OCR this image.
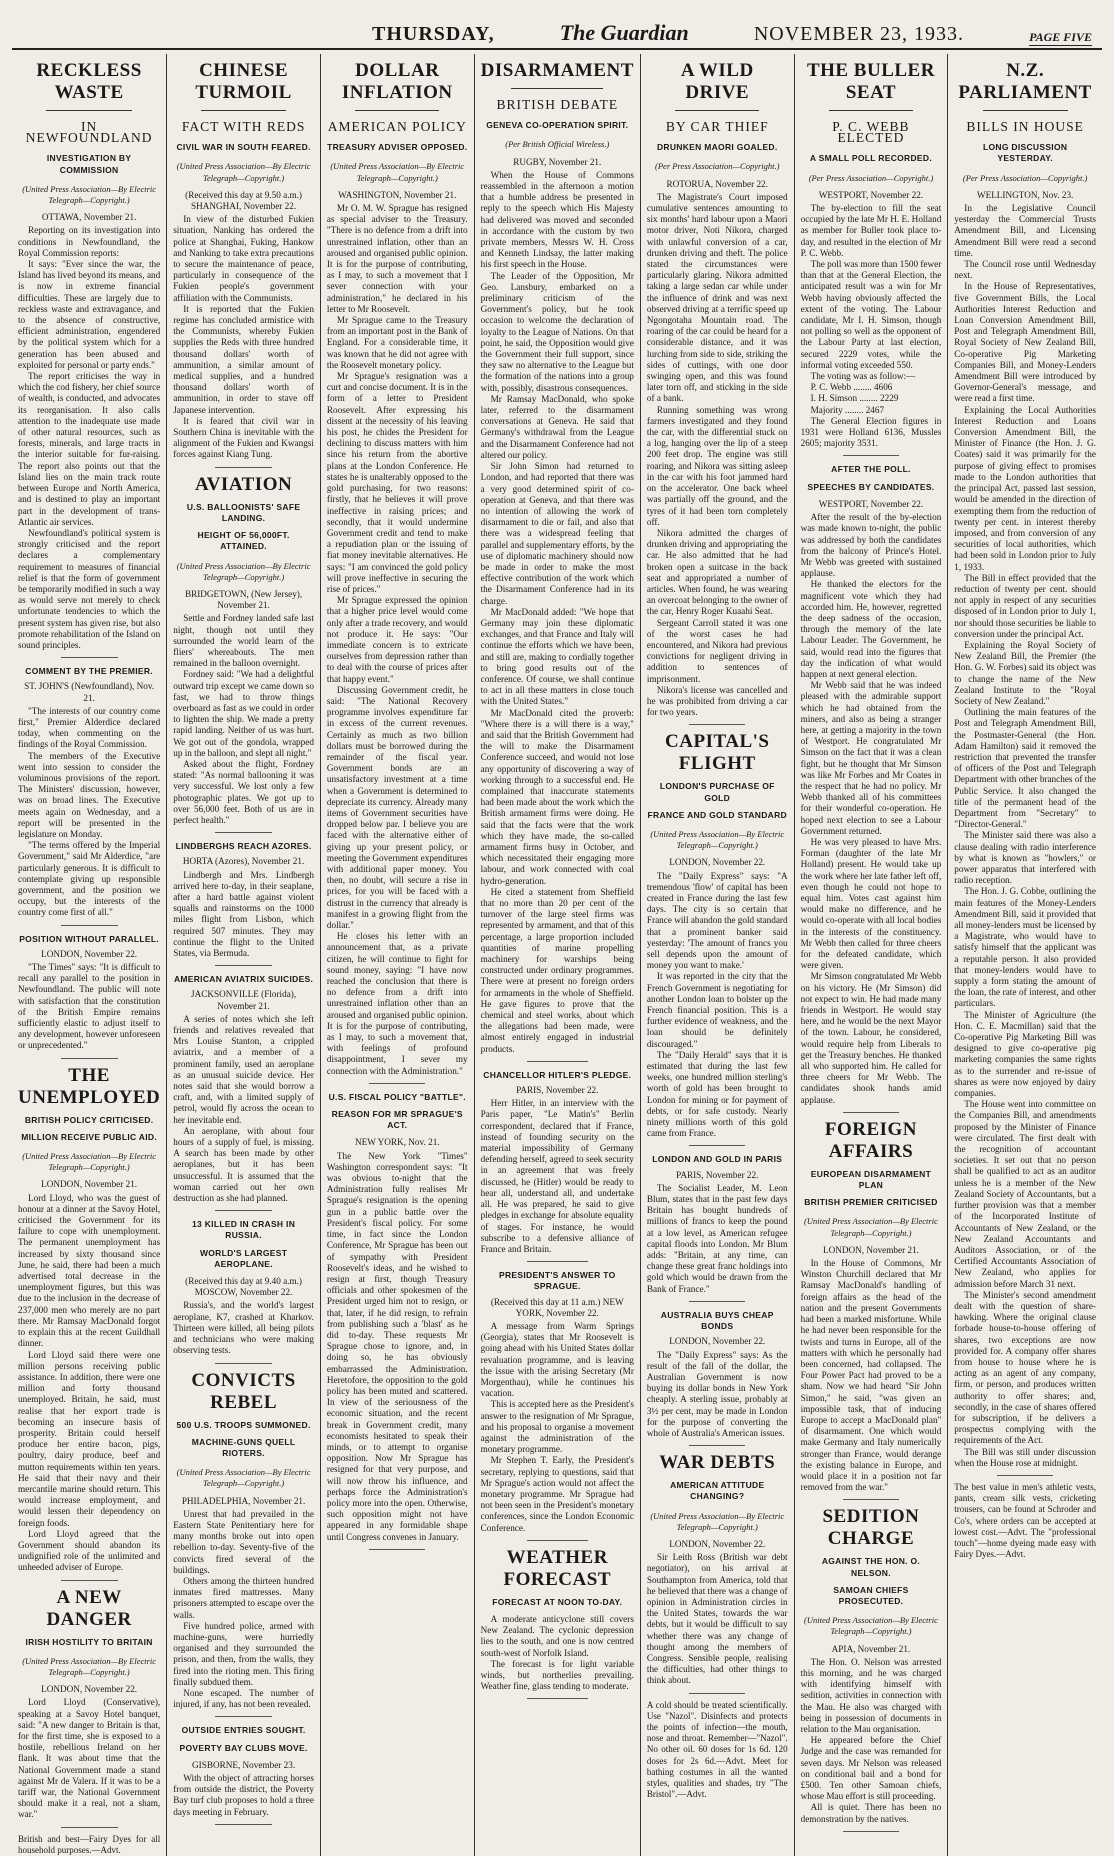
THURSDAY,	The Guardian	NOVEMBER 23, 1933.	PAGE FIVE
RECKLESS WASTE
IN NEWFOUNDLAND
INVESTIGATION BY COMMISSION
(United Press Association—By Electric Telegraph—Copyright.)
OTTAWA, November 21.

Reporting on its investigation into conditions in Newfoundland, the Royal Commission reports:

It says: "Ever since the war, the Island has lived beyond its means, and is now in extreme financial difficulties. These are largely due to reckless waste and extravagance, and to the absence of constructive, efficient administration, engendered by the political system which for a generation has been abused and exploited for personal or party ends."

The report criticises the way in which the cod fishery, her chief source of wealth, is conducted, and advocates its reorganisation. It also calls attention to the inadequate use made of other natural resources, such as forests, minerals, and large tracts in the interior suitable for fur-raising. The report also points out that the Island lies on the main track route between Europe and North America, and is destined to play an important part in the development of trans-Atlantic air services.

Newfoundland's political system is strongly criticised and the report declares a complementary requirement to measures of financial relief is that the form of government be temporarily modified in such a way as would serve not merely to check unfortunate tendencies to which the present system has given rise, but also promote rehabilitation of the Island on sound principles.

COMMENT BY THE PREMIER.
ST. JOHN'S (Newfoundland), Nov. 21.

"The interests of our country come first," Premier Alderdice declared today, when commenting on the findings of the Royal Commission.

The members of the Executive went into session to consider the voluminous provisions of the report. The Ministers' discussion, however, was on broad lines. The Executive meets again on Wednesday, and a report will be presented in the legislature on Monday.

"The terms offered by the Imperial Government," said Mr Alderdice, "are particularly generous. It is difficult to contemplate giving up responsible government, and the position we occupy, but the interests of the country come first of all."

POSITION WITHOUT PARALLEL.
LONDON, November 22.

"The Times" says: "It is difficult to recall any parallel to the position in Newfoundland. The public will note with satisfaction that the constitution of the British Empire remains sufficiently elastic to adjust itself to any development, however unforeseen or unprecedented."

THE UNEMPLOYED
BRITISH POLICY CRITICISED.
MILLION RECEIVE PUBLIC AID.
(United Press Association—By Electric Telegraph—Copyright.)
LONDON, November 21.

Lord Lloyd, who was the guest of honour at a dinner at the Savoy Hotel, criticised the Government for its failure to cope with unemployment. The permanent unemployment has increased by sixty thousand since June, he said, there had been a much advertised total decrease in the unemployment figures, but this was due to the inclusion in the decrease of 237,000 men who merely are no part there. Mr Ramsay MacDonald forgot to explain this at the recent Guildhall dinner.

Lord Lloyd said there were one million persons receiving public assistance. In addition, there were one million and forty thousand unemployed. Britain, he said, must realise that her export trade is becoming an insecure basis of prosperity. Britain could herself produce her entire bacon, pigs, poultry, dairy produce, beef and mutton requirements within ten years. He said that their navy and their mercantile marine should return. This would increase employment, and would lessen their dependency on foreign foods.

Lord Lloyd agreed that the Government should abandon its undignified role of the unlimited and unheeded adviser of Europe.

A NEW DANGER
IRISH HOSTILITY TO BRITAIN
(United Press Association—By Electric Telegraph—Copyright.)
LONDON, November 22.

Lord Lloyd (Conservative), speaking at a Savoy Hotel banquet, said: "A new danger to Britain is that, for the first time, she is exposed to a hostile, rebellious Ireland on her flank. It was about time that the National Government made a stand against Mr de Valera. If it was to be a tariff war, the National Government should make it a real, not a sham, war."

British and best—Fairy Dyes for all household purposes.—Advt.
CHINESE TURMOIL
FACT WITH REDS
CIVIL WAR IN SOUTH FEARED.
(United Press Association—By Electric Telegraph—Copyright.)
(Received this day at 9.50 a.m.) SHANGHAI, November 22.

In view of the disturbed Fukien situation, Nanking has ordered the police at Shanghai, Fuking, Hankow and Nanking to take extra precautions to secure the maintenance of peace, particularly in consequence of the Fukien people's government affiliation with the Communists.

It is reported that the Fukien regime has concluded armistice with the Communists, whereby Fukien supplies the Reds with three hundred thousand dollars' worth of ammunition, a similar amount of medical supplies, and a hundred thousand dollars' worth of ammunition, in order to stave off Japanese intervention.

It is feared that civil war in Southern China is inevitable with the alignment of the Fukien and Kwangsi forces against Kiang Tung.

AVIATION
U.S. BALLOONISTS' SAFE LANDING.
HEIGHT OF 56,000FT. ATTAINED.
(United Press Association—By Electric Telegraph—Copyright.)
BRIDGETOWN, (New Jersey), November 21.

Settle and Fordney landed safe last night, though not until they surrounded the world learn of the fliers' whereabouts. The men remained in the balloon overnight.

Fordney said: "We had a delightful outward trip except we came down so fast, we had to throw things overboard as fast as we could in order to lighten the ship. We made a pretty rapid landing. Neither of us was hurt. We got out of the gondola, wrapped up in the balloon, and slept all night."

Asked about the flight, Fordney stated: "As normal ballooning it was very successful. We lost only a few photographic plates. We got up to over 56,000 feet. Both of us are in perfect health."

LINDBERGHS REACH AZORES.
HORTA (Azores), November 21.

Lindbergh and Mrs. Lindbergh arrived here to-day, in their seaplane, after a hard battle against violent squalls and rainstorms on the 1000 miles flight from Lisbon, which required 507 minutes. They may continue the flight to the United States, via Bermuda.

AMERICAN AVIATRIX SUICIDES.
JACKSONVILLE (Florida), November 21.

A series of notes which she left friends and relatives revealed that Mrs Louise Stanton, a crippled aviatrix, and a member of a prominent family, used an aeroplane as an unusual suicide device. Her notes said that she would borrow a craft, and, with a limited supply of petrol, would fly across the ocean to her inevitable end.

An aeroplane, with about four hours of a supply of fuel, is missing. A search has been made by other aeroplanes, but it has been unsuccessful. It is assumed that the woman carried out her own destruction as she had planned.

13 KILLED IN CRASH IN RUSSIA.
WORLD'S LARGEST AEROPLANE.
(Received this day at 9.40 a.m.) MOSCOW, November 22.

Russia's, and the world's largest aeroplane, K7, crashed at Kharkov. Thirteen were killed, all being pilots and technicians who were making observing tests.

CONVICTS REBEL
500 U.S. TROOPS SUMMONED.
MACHINE-GUNS QUELL RIOTERS.
(United Press Association—By Electric Telegraph—Copyright.)
PHILADELPHIA, November 21.

Unrest that had prevailed in the Eastern State Penitentiary here for many months broke out into open rebellion to-day. Seventy-five of the convicts fired several of the buildings.

Others among the thirteen hundred inmates fired mattresses. Many prisoners attempted to escape over the walls.

Five hundred police, armed with machine-guns, were hurriedly organised and they surrounded the prison, and then, from the walls, they fired into the rioting men. This firing finally subdued them.

None escaped. The number of injured, if any, has not been revealed.

OUTSIDE ENTRIES SOUGHT.
POVERTY BAY CLUBS MOVE.
GISBORNE, November 23.

With the object of attracting horses from outside the district, the Poverty Bay turf club proposes to hold a three days meeting in February.

DOLLAR INFLATION
AMERICAN POLICY
TREASURY ADVISER OPPOSED.
(United Press Association—By Electric Telegraph—Copyright.)
WASHINGTON, November 21.

Mr O. M. W. Sprague has resigned as special adviser to the Treasury. "There is no defence from a drift into unrestrained inflation, other than an aroused and organised public opinion. It is for the purpose of contributing, as I may, to such a movement that I sever connection with your administration," he declared in his letter to Mr Roosevelt.

Mr Sprague came to the Treasury from an important post in the Bank of England. For a considerable time, it was known that he did not agree with the Roosevelt monetary policy.

Mr Sprague's resignation was a curt and concise document. It is in the form of a letter to President Roosevelt. After expressing his dissent at the necessity of his leaving his post, he chides the President for declining to discuss matters with him since his return from the abortive plans at the London Conference. He states he is unalterably opposed to the gold purchasing, for two reasons: firstly, that he believes it will prove ineffective in raising prices; and secondly, that it would undermine Government credit and tend to make a repudiation plan or the issuing of fiat money inevitable alternatives. He says: "I am convinced the gold policy will prove ineffective in securing the rise of prices."

Mr Sprague expressed the opinion that a higher price level would come only after a trade recovery, and would not produce it. He says: "Our immediate concern is to extricate ourselves from depression rather than to deal with the course of prices after that happy event."

Discussing Government credit, he said: "The National Recovery programme involves expenditure far in excess of the current revenues. Certainly as much as two billion dollars must be borrowed during the remainder of the fiscal year. Government bonds are an unsatisfactory investment at a time when a Government is determined to depreciate its currency. Already many items of Government securities have dropped below par. I believe you are faced with the alternative either of giving up your present policy, or meeting the Government expenditures with additional paper money. You then, no doubt, will secure a rise in prices, for you will be faced with a distrust in the currency that already is manifest in a growing flight from the dollar."

He closes his letter with an announcement that, as a private citizen, he will continue to fight for sound money, saying: "I have now reached the conclusion that there is no defence from a drift into unrestrained inflation other than an aroused and organised public opinion. It is for the purpose of contributing, as I may, to such a movement that, with feelings of profound disappointment, I sever my connection with the Administration."

U.S. FISCAL POLICY "BATTLE".
REASON FOR MR SPRAGUE'S ACT.
NEW YORK, Nov. 21.

The New York "Times" Washington correspondent says: "It was obvious to-night that the Administration fully realises Mr Sprague's resignation is the opening gun in a public battle over the President's fiscal policy. For some time, in fact since the London Conference, Mr Sprague has been out of sympathy with President Roosevelt's ideas, and he wished to resign at first, though Treasury officials and other spokesmen of the President urged him not to resign, or that, later, if he did resign, to refrain from publishing such a 'blast' as he did to-day. These requests Mr Sprague chose to ignore, and, in doing so, he has obviously embarrassed the Administration. Heretofore, the opposition to the gold policy has been muted and scattered. In view of the seriousness of the economic situation, and the recent break in Government credit, many economists hesitated to speak their minds, or to attempt to organise opposition. Now Mr Sprague has resigned for that very purpose, and will now throw his influence, and perhaps force the Administration's policy more into the open. Otherwise, such opposition might not have appeared in any formidable shape until Congress convenes in January.

DISARMAMENT
BRITISH DEBATE
GENEVA CO-OPERATION SPIRIT.
(Per British Official Wireless.)
RUGBY, November 21.

When the House of Commons reassembled in the afternoon a motion that a humble address be presented in reply to the speech which His Majesty had delivered was moved and seconded in accordance with the custom by two private members, Messrs W. H. Cross and Kenneth Lindsay, the latter making his first speech in the House.

The Leader of the Opposition, Mr Geo. Lansbury, embarked on a preliminary criticism of the Government's policy, but he took occasion to welcome the declaration of loyalty to the League of Nations. On that point, he said, the Opposition would give the Government their full support, since they saw no alternative to the League but the formation of the nations into a group with, possibly, disastrous consequences.

Mr Ramsay MacDonald, who spoke later, referred to the disarmament conversations at Geneva. He said that Germany's withdrawal from the League and the Disarmament Conference had not altered our policy.

Sir John Simon had returned to London, and had reported that there was a very good determined spirit of co-operation at Geneva, and that there was no intention of allowing the work of disarmament to die or fail, and also that there was a widespread feeling that parallel and supplementary efforts, by the use of diplomatic machinery should now be made in order to make the most effective contribution of the work which the Disarmament Conference had in its charge.

Mr MacDonald added: "We hope that Germany may join these diplomatic exchanges, and that France and Italy will continue the efforts which we have been, and still are, making to cordially together to bring good results out of the conference. Of course, we shall continue to act in all these matters in close touch with the United States."

Mr MacDonald cited the proverb: "Where there is a will there is a way," and said that the British Government had the will to make the Disarmament Conference succeed, and would not lose any opportunity of discovering a way of working through to a successful end. He complained that inaccurate statements had been made about the work which the British armament firms were doing. He said that the facts were that the work which they have made, the so-called armament firms busy in October, and which necessitated their engaging more labour, and work connected with coal hydro-generation.

He cited a statement from Sheffield that no more than 20 per cent of the turnover of the large steel firms was represented by armament, and that of this percentage, a large proportion included quantities of marine propelling machinery for warships being constructed under ordinary programmes. There were at present no foreign orders for armaments in the whole of Sheffield. He gave figures to prove that the chemical and steel works, about which the allegations had been made, were almost entirely engaged in industrial products.

CHANCELLOR HITLER'S PLEDGE.
PARIS, November 22.

Herr Hitler, in an interview with the Paris paper, "Le Matin's" Berlin correspondent, declared that if France, instead of founding security on the material impossibility of Germany defending herself, agreed to seek security in an agreement that was freely discussed, he (Hitler) would be ready to hear all, understand all, and undertake all. He was prepared, he said to give pledges in exchange for absolute equality of stages. For instance, he would subscribe to a defensive alliance of France and Britain.

PRESIDENT'S ANSWER TO SPRAGUE.
(Received this day at 11 a.m.) NEW YORK, November 22.

A message from Warm Springs (Georgia), states that Mr Roosevelt is going ahead with his United States dollar revaluation programme, and is leaving the issue with the arising Secretary (Mr Morgenthau), while he continues his vacation.

This is accepted here as the President's answer to the resignation of Mr Sprague, and his proposal to organise a movement against the administration of the monetary programme.

Mr Stephen T. Early, the President's secretary, replying to questions, said that Mr Sprague's action would not affect the monetary programme. Mr Sprague had not been seen in the President's monetary conferences, since the London Economic Conference.

WEATHER FORECAST
FORECAST AT NOON TO-DAY.

A moderate anticyclone still covers New Zealand. The cyclonic depression lies to the south, and one is now centred south-west of Norfolk Island.

The forecast is for light variable winds, but northerlies prevailing. Weather fine, glass tending to moderate.

A WILD DRIVE
BY CAR THIEF
DRUNKEN MAORI GOALED.
(Per Press Association—Copyright.)
ROTORUA, November 22.

The Magistrate's Court imposed cumulative sentences amounting to six months' hard labour upon a Maori motor driver, Noti Nikora, charged with unlawful conversion of a car, drunken driving and theft. The police stated the circumstances were particularly glaring. Nikora admitted taking a large sedan car while under the influence of drink and was next observed driving at a terrific speed up Ngongotaha Mountain road. The roaring of the car could be heard for a considerable distance, and it was lurching from side to side, striking the sides of cuttings, with one door swinging open, and this was found later torn off, and sticking in the side of a bank.

Running something was wrong farmers investigated and they found the car, with the differential stuck on a log, hanging over the lip of a steep 200 feet drop. The engine was still roaring, and Nikora was sitting asleep in the car with his foot jammed hard on the accelerator. One back wheel was partially off the ground, and the tyres of it had been torn completely off.

Nikora admitted the charges of drunken driving and appropriating the car. He also admitted that he had broken open a suitcase in the back seat and appropriated a number of articles. When found, he was wearing an overcoat belonging to the owner of the car, Henry Roger Kuaahi Seat.

Sergeant Carroll stated it was one of the worst cases he had encountered, and Nikora had previous convictions for negligent driving in addition to sentences of imprisonment.

Nikora's license was cancelled and he was prohibited from driving a car for two years.

CAPITAL'S FLIGHT
LONDON'S PURCHASE OF GOLD
FRANCE AND GOLD STANDARD
(United Press Association—By Electric Telegraph—Copyright.)
LONDON, November 22.

The "Daily Express" says: "A tremendous 'flow' of capital has been created in France during the last few days. The city is so certain that France will abandon the gold standard that a prominent banker said yesterday: 'The amount of francs you sell depends upon the amount of money you want to make.'

It was reported in the city that the French Government is negotiating for another London loan to bolster up the French financial position. This is a further evidence of weakness, and the loan should be definitely discouraged."

The "Daily Herald" says that it is estimated that during the last few weeks, one hundred million sterling's worth of gold has been brought to London for mining or for payment of debts, or for safe custody. Nearly ninety millions worth of this gold came from France.

LONDON AND GOLD IN PARIS
PARIS, November 22.

The Socialist Leader, M. Leon Blum, states that in the past few days Britain has bought hundreds of millions of francs to keep the pound at a low level, as American refugee capital floods into London. Mr Blum adds: "Britain, at any time, can change these great franc holdings into gold which would be drawn from the Bank of France."

AUSTRALIA BUYS CHEAP BONDS
LONDON, November 22.

The "Daily Express" says: As the result of the fall of the dollar, the Australian Government is now buying its dollar bonds in New York cheaply. A sterling issue, probably at 3½ per cent, may be made in London for the purpose of converting the whole of Australia's American issues.

WAR DEBTS
AMERICAN ATTITUDE CHANGING?
(United Press Association—By Electric Telegraph—Copyright.)
LONDON, November 22.

Sir Leith Ross (British war debt negotiator), on his arrival at Southampton from America, told that he believed that there was a change of opinion in Administration circles in the United States, towards the war debts, but it would be difficult to say whether there was any change of thought among the members of Congress. Sensible people, realising the difficulties, had other things to think about.

A cold should be treated scientifically. Use "Nazol". Disinfects and protects the points of infection—the mouth, nose and throat. Remember—"Nazol". No other oil. 60 doses for 1s 6d. 120 doses for 2s 6d.—Advt. Meet for bathing costumes in all the wanted styles, qualities and shades, try "The Bristol".—Advt.
THE BULLER SEAT
P. C. WEBB ELECTED
A SMALL POLL RECORDED.
(Per Press Association—Copyright.)
WESTPORT, November 22.

The by-election to fill the seat occupied by the late Mr H. E. Holland as member for Buller took place to-day, and resulted in the election of Mr P. C. Webb.

The poll was more than 1500 fewer than that at the General Election, the anticipated result was a win for Mr Webb having obviously affected the extent of the voting. The Labour candidate, Mr I. H. Simson, though not polling so well as the opponent of the Labour Party at last election, secured 2229 votes, while the informal voting exceeded 550.

The voting was as follow:—

P. C. Webb ........ 4606

I. H. Simson ........ 2229

Majority ........ 2467

The General Election figures in 1931 were Holland 6136, Mussles 2605; majority 3531.

AFTER THE POLL.
SPEECHES BY CANDIDATES.
WESTPORT, November 22.

After the result of the by-election was made known to-night, the public was addressed by both the candidates from the balcony of Prince's Hotel. Mr Webb was greeted with sustained applause.

He thanked the electors for the magnificent vote which they had accorded him. He, however, regretted the deep sadness of the occasion, through the memory of the late Labour Leader. The Government, he said, would read into the figures that day the indication of what would happen at next general election.

Mr Webb said that he was indeed pleased with the admirable support which he had obtained from the miners, and also as being a stranger here, at getting a majority in the town of Westport. He congratulated Mr Simson on the fact that it was a clean fight, but he thought that Mr Simson was like Mr Forbes and Mr Coates in the respect that he had no policy. Mr Webb thanked all of his committees for their wonderful co-operation. He hoped next election to see a Labour Government returned.

He was very pleased to have Mrs. Forman (daughter of the late Mr Holland) present. He would take up the work where her late father left off, even though he could not hope to equal him. Votes cast against him would make no difference, and he would co-operate with all local bodies in the interests of the constituency. Mr Webb then called for three cheers for the defeated candidate, which were given.

Mr Simson congratulated Mr Webb on his victory. He (Mr Simson) did not expect to win. He had made many friends in Westport. He would stay here, and he would be the next Mayor of the town. Labour, he considered, would require help from Liberals to get the Treasury benches. He thanked all who supported him. He called for three cheers for Mr Webb. The candidates shook hands amid applause.

FOREIGN AFFAIRS
EUROPEAN DISARMAMENT PLAN
BRITISH PREMIER CRITICISED
(United Press Association—By Electric Telegraph—Copyright.)
LONDON, November 21.

In the House of Commons, Mr Winston Churchill declared that Mr Ramsay MacDonald's handling of foreign affairs as the head of the nation and the present Governments had been a marked misfortune. While he had never been responsible for the twists and turns in Europe, all of the matters with which he personally had been concerned, had collapsed. The Four Power Pact had proved to be a sham. Now we had heard "Sir John Simon," he said, "was given an impossible task, that of inducing Europe to accept a MacDonald plan" of disarmament. One which would make Germany and Italy numerically stronger than France, would derange the existing balance in Europe, and would place it in a position not far removed from the war."

SEDITION CHARGE
AGAINST THE HON. O. NELSON.
SAMOAN CHIEFS PROSECUTED.
(United Press Association—By Electric Telegraph—Copyright.)
APIA, November 21.

The Hon. O. Nelson was arrested this morning, and he was charged with identifying himself with sedition, activities in connection with the Mau. He also was charged with being in possession of documents in relation to the Mau organisation.

He appeared before the Chief Judge and the case was remanded for seven days. Mr Nelson was released on conditional bail and a bond for £500. Ten other Samoan chiefs, whose Mau effort is still proceeding.

All is quiet. There has been no demonstration by the natives.

N.Z. PARLIAMENT
BILLS IN HOUSE
LONG DISCUSSION YESTERDAY.
(Per Press Association—Copyright.)
WELLINGTON, Nov. 23.

In the Legislative Council yesterday the Commercial Trusts Amendment Bill, and Licensing Amendment Bill were read a second time.

The Council rose until Wednesday next.

In the House of Representatives, five Government Bills, the Local Authorities Interest Reduction and Loan Conversion Amendment Bill, Post and Telegraph Amendment Bill, Royal Society of New Zealand Bill, Co-operative Pig Marketing Companies Bill, and Money-Lenders Amendment Bill were introduced by Governor-General's message, and were read a first time.

Explaining the Local Authorities Interest Reduction and Loans Conversion Amendment Bill, the Minister of Finance (the Hon. J. G. Coates) said it was primarily for the purpose of giving effect to promises made to the London authorities that the principal Act, passed last session, would be amended in the direction of exempting them from the reduction of twenty per cent. in interest thereby imposed, and from conversion of any securities of local authorities, which had been sold in London prior to July 1, 1933.

The Bill in effect provided that the reduction of twenty per cent. should not apply in respect of any securities disposed of in London prior to July 1, nor should those securities be liable to conversion under the principal Act.

Explaining the Royal Society of New Zealand Bill, the Premier (the Hon. G. W. Forbes) said its object was to change the name of the New Zealand Institute to the "Royal Society of New Zealand."

Outlining the main features of the Post and Telegraph Amendment Bill, the Postmaster-General (the Hon. Adam Hamilton) said it removed the restriction that prevented the transfer of officers of the Post and Telegraph Department with other branches of the Public Service. It also changed the title of the permanent head of the Department from "Secretary" to "Director-General."

The Minister said there was also a clause dealing with radio interference by what is known as "howlers," or power apparatus that interfered with radio reception.

The Hon. J. G. Cobbe, outlining the main features of the Money-Lenders Amendment Bill, said it provided that all money-lenders must be licensed by a Magistrate, who would have to satisfy himself that the applicant was a reputable person. It also provided that money-lenders would have to supply a form stating the amount of the loan, the rate of interest, and other particulars.

The Minister of Agriculture (the Hon. C. E. Macmillan) said that the Co-operative Pig Marketing Bill was designed to give co-operative pig marketing companies the same rights as to the surrender and re-issue of shares as were now enjoyed by dairy companies.

The House went into committee on the Companies Bill, and amendments proposed by the Minister of Finance were circulated. The first dealt with the recognition of accountant societies. It set out that no person shall be qualified to act as an auditor unless he is a member of the New Zealand Society of Accountants, but a further provision was that a member of the Incorporated Institute of Accountants of New Zealand, or the New Zealand Accountants and Auditors Association, or of the Certified Accountants Association of New Zealand, who applies for admission before March 31 next.

The Minister's second amendment dealt with the question of share-hawking. Where the original clause forbade house-to-house offering of shares, two exceptions are now provided for. A company offer shares from house to house where he is acting as an agent of any company, firm, or person, and produces written authority to offer shares; and, secondly, in the case of shares offered for subscription, if he delivers a prospectus complying with the requirements of the Act.

The Bill was still under discussion when the House rose at midnight.

The best value in men's athletic vests, pants, cream silk vests, cricketing trousers, can be found at Schroder and Co's, where orders can be accepted at lowest cost.—Advt. The "professional touch"—home dyeing made easy with Fairy Dyes.—Advt.
